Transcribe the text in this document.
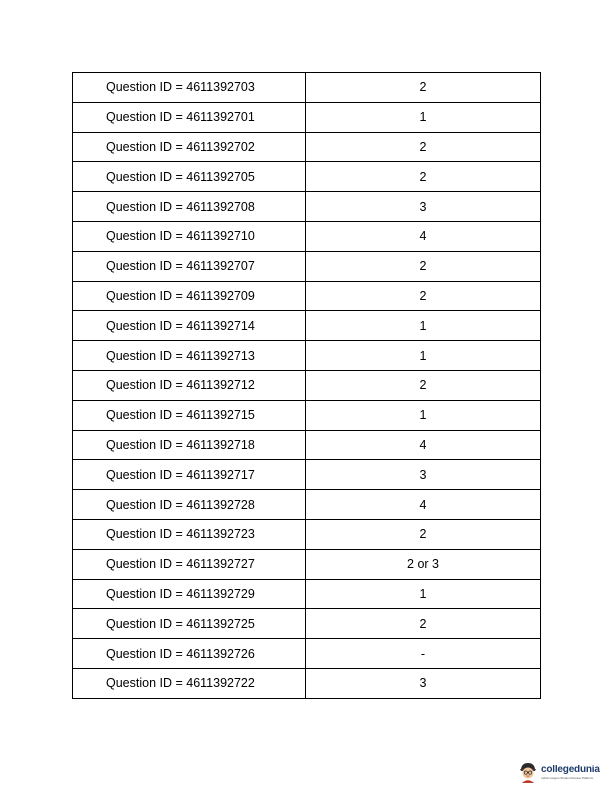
Question ID = 4611392703	2
Question ID = 4611392701	1
Question ID = 4611392702	2
Question ID = 4611392705	2
Question ID = 4611392708	3
Question ID = 4611392710	4
Question ID = 4611392707	2
Question ID = 4611392709	2
Question ID = 4611392714	1
Question ID = 4611392713	1
Question ID = 4611392712	2
Question ID = 4611392715	1
Question ID = 4611392718	4
Question ID = 4611392717	3
Question ID = 4611392728	4
Question ID = 4611392723	2
Question ID = 4611392727	2 or 3
Question ID = 4611392729	1
Question ID = 4611392725	2
Question ID = 4611392726	-
Question ID = 4611392722	3
collegedunia
India's largest Student Review Platform
